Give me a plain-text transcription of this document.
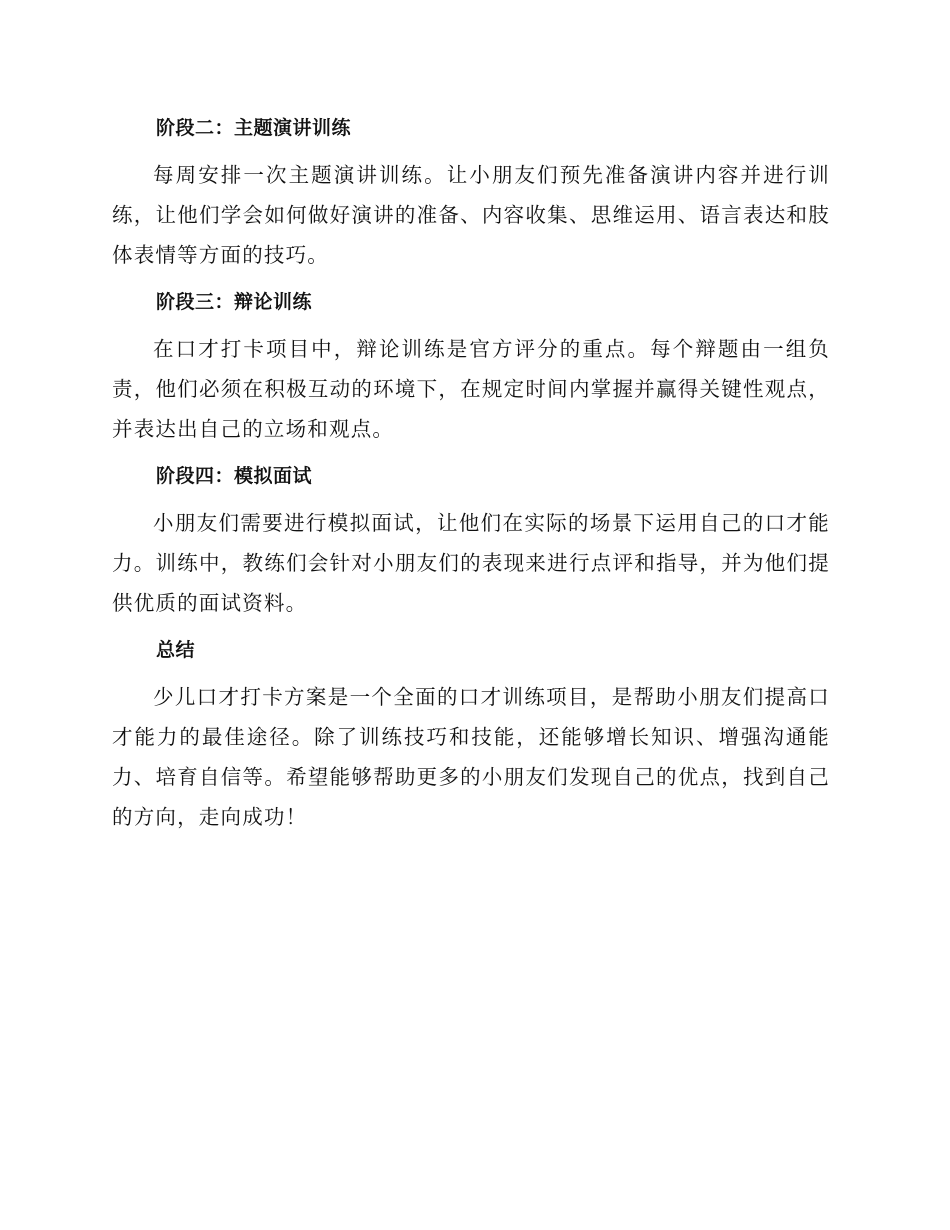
阶段二：主题演讲训练

每周安排一次主题演讲训练。让小朋友们预先准备演讲内容并进行训练，让他们学会如何做好演讲的准备、内容收集、思维运用、语言表达和肢体表情等方面的技巧。

阶段三：辩论训练

在口才打卡项目中，辩论训练是官方评分的重点。每个辩题由一组负责，他们必须在积极互动的环境下，在规定时间内掌握并赢得关键性观点，并表达出自己的立场和观点。

阶段四：模拟面试

小朋友们需要进行模拟面试，让他们在实际的场景下运用自己的口才能力。训练中，教练们会针对小朋友们的表现来进行点评和指导，并为他们提供优质的面试资料。

总结

少儿口才打卡方案是一个全面的口才训练项目，是帮助小朋友们提高口才能力的最佳途径。除了训练技巧和技能，还能够增长知识、增强沟通能力、培育自信等。希望能够帮助更多的小朋友们发现自己的优点，找到自己的方向，走向成功！
